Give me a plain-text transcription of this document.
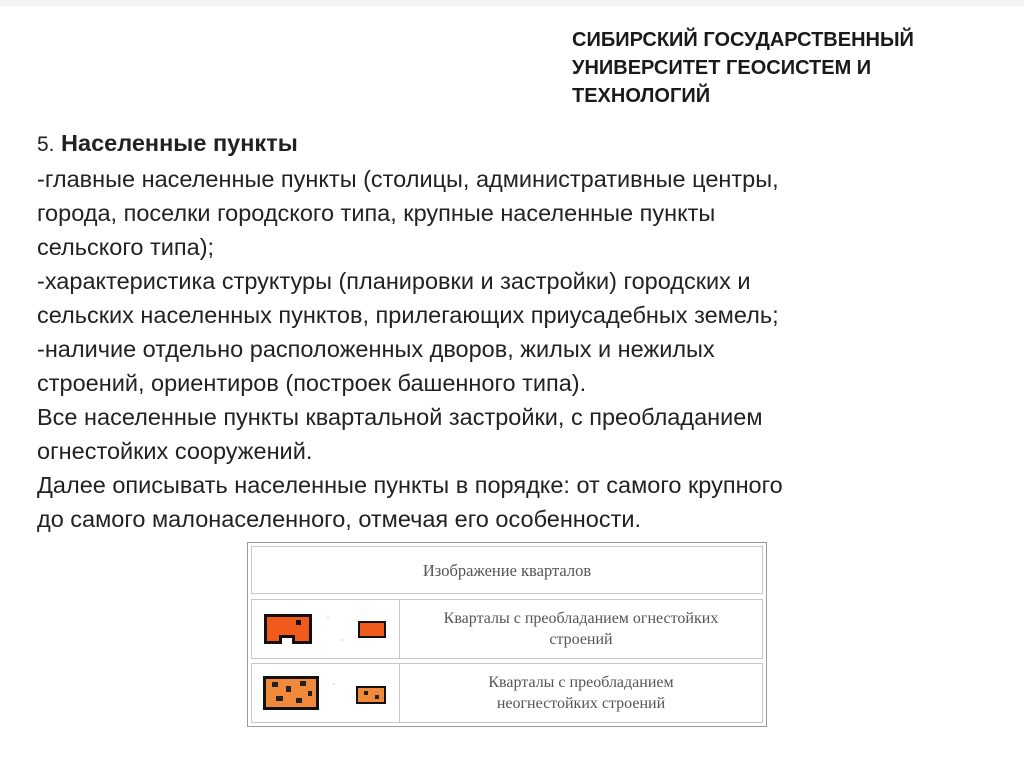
СИБИРСКИЙ ГОСУДАРСТВЕННЫЙ
УНИВЕРСИТЕТ ГЕОСИСТЕМ И
ТЕХНОЛОГИЙ
5. Населенные пункты
-главные населенные пункты (столицы, административные центры,
города, поселки городского типа, крупные населенные пункты
сельского типа);
-характеристика структуры (планировки и застройки) городских и
сельских населенных пунктов, прилегающих приусадебных земель;
-наличие отдельно расположенных дворов, жилых и нежилых
строений, ориентиров (построек башенного типа).
Все населенные пункты квартальной застройки, с преобладанием
огнестойких сооружений.
Далее описывать населенные пункты в порядке: от самого крупного
до самого малонаселенного, отмечая его особенности.
Изображение кварталов
Кварталы с преобладанием огнестойких
строений
Кварталы с преобладанием
неогнестойких строений
